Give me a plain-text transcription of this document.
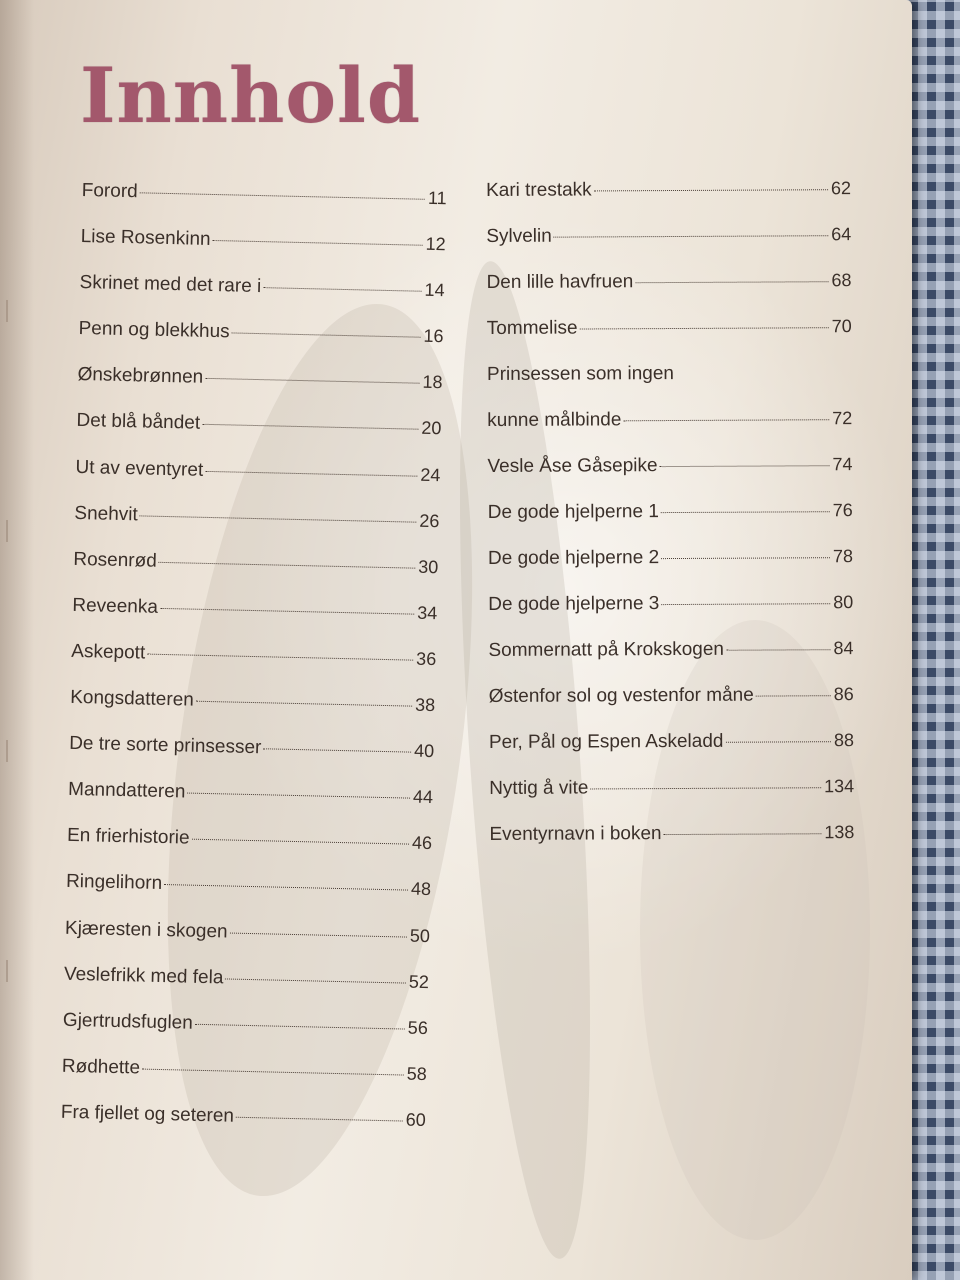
Innhold
Forord	11
Lise Rosenkinn	12
Skrinet med det rare i	14
Penn og blekkhus	16
Ønskebrønnen	18
Det blå båndet	20
Ut av eventyret	24
Snehvit	26
Rosenrød	30
Reveenka	34
Askepott	36
Kongsdatteren	38
De tre sorte prinsesser	40
Manndatteren	44
En frierhistorie	46
Ringelihorn	48
Kjæresten i skogen	50
Veslefrikk med fela	52
Gjertrudsfuglen	56
Rødhette	58
Fra fjellet og seteren	60
Kari trestakk	62
Sylvelin	64
Den lille havfruen	68
Tommelise	70
Prinsessen som ingen
kunne målbinde	72
Vesle Åse Gåsepike	74
De gode hjelperne 1	76
De gode hjelperne 2	78
De gode hjelperne 3	80
Sommernatt på Krokskogen	84
Østenfor sol og vestenfor måne	86
Per, Pål og Espen Askeladd	88
Nyttig å vite	134
Eventyrnavn i boken	138
